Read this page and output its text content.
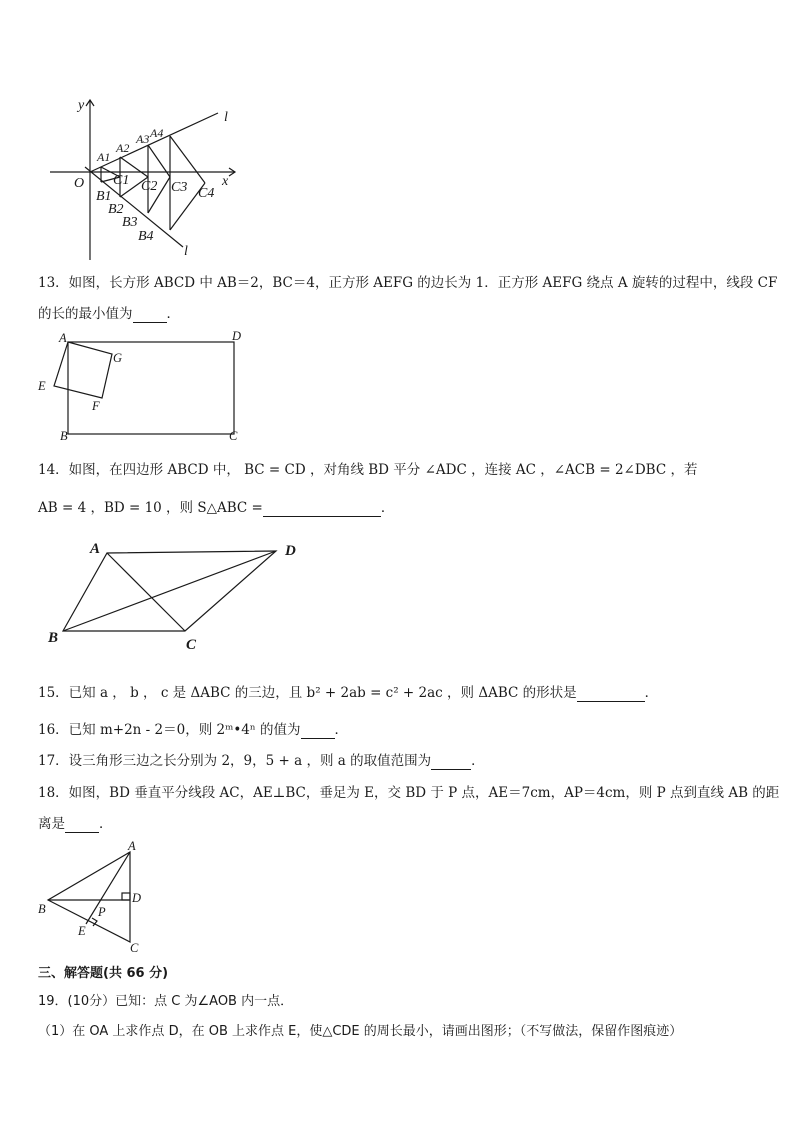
y
x
O
l
l
A1
A2
A3 A4
C1 C2 C3 C4
B1
B2
B3
B4
13．如图，长方形 ABCD 中 AB＝2，BC＝4，正方形 AEFG 的边长为 1．正方形 AEFG 绕点 A 旋转的过程中，线段 CF
的长的最小值为	．
A	D
G
E
F
B	C
14．如图，在四边形 ABCD 中， BC = CD ，对角线 BD 平分 ∠ADC ，连接 AC ，∠ACB = 2∠DBC ，若
AB = 4 ，BD = 10 ，则 S△ABC =	．
A	D
B	C
15．已知 a ， b ， c 是 ΔABC 的三边，且 b² + 2ab = c² + 2ac ，则 ΔABC 的形状是	．
16．已知 m+2n - 2＝0，则 2ᵐ•4ⁿ 的值为	．
17．设三角形三边之长分别为 2，9，5 + a ，则 a 的取值范围为	．
18．如图，BD 垂直平分线段 AC，AE⊥BC，垂足为 E，交 BD 于 P 点，AE＝7cm，AP＝4cm，则 P 点到直线 AB 的距
离是	．
A
D
B	P
E
C
三、解答题(共 66 分)
19．(10分）已知：点 C 为∠AOB 内一点．
（1）在 OA 上求作点 D，在 OB 上求作点 E，使△CDE 的周长最小，请画出图形；（不写做法，保留作图痕迹）
